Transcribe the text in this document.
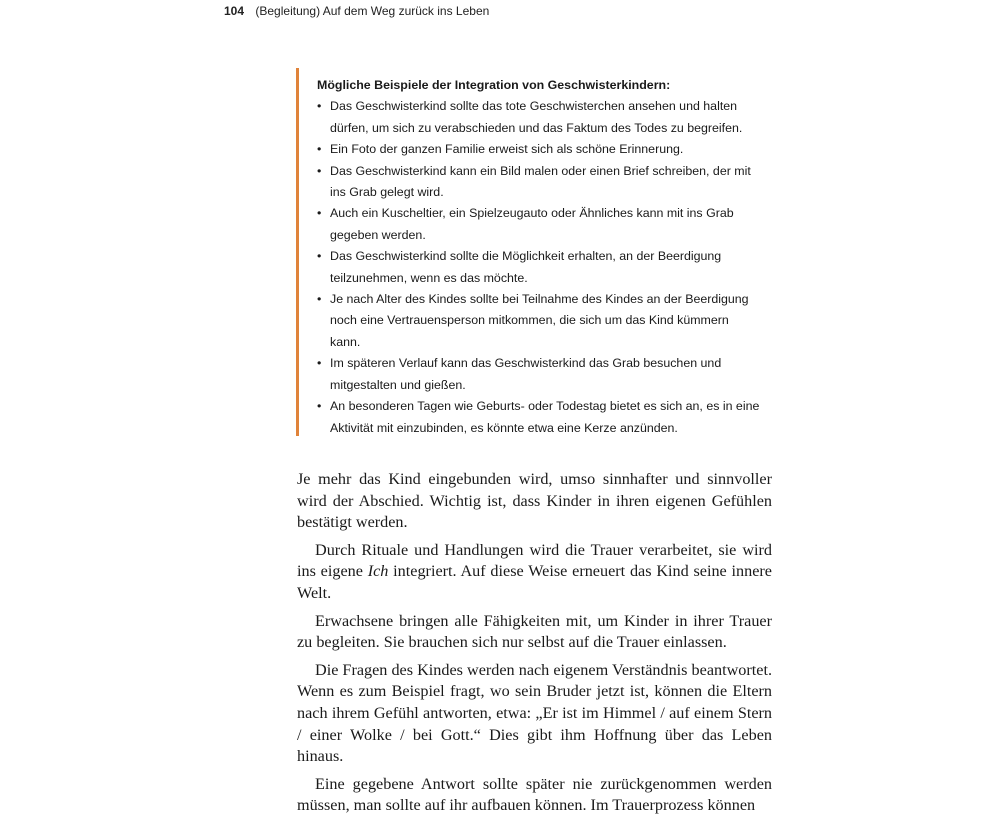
104 (Begleitung) Auf dem Weg zurück ins Leben

Mögliche Beispiele der Integration von Geschwisterkindern:

• Das Geschwisterkind sollte das tote Geschwisterchen ansehen und halten dürfen, um sich zu verabschieden und das Faktum des Todes zu begreifen.
• Ein Foto der ganzen Familie erweist sich als schöne Erinnerung.
• Das Geschwisterkind kann ein Bild malen oder einen Brief schreiben, der mit ins Grab gelegt wird.
• Auch ein Kuscheltier, ein Spielzeugauto oder Ähnliches kann mit ins Grab gegeben werden.
• Das Geschwisterkind sollte die Möglichkeit erhalten, an der Beerdigung teilzunehmen, wenn es das möchte.
• Je nach Alter des Kindes sollte bei Teilnahme des Kindes an der Beerdigung noch eine Vertrauensperson mitkommen, die sich um das Kind kümmern kann.
• Im späteren Verlauf kann das Geschwisterkind das Grab besuchen und mitgestalten und gießen.
• An besonderen Tagen wie Geburts- oder Todestag bietet es sich an, es in eine Aktivität mit einzubinden, es könnte etwa eine Kerze anzünden.

Je mehr das Kind eingebunden wird, umso sinnhafter und sinnvoller wird der Abschied. Wichtig ist, dass Kinder in ihren eigenen Gefühlen bestätigt werden.

Durch Rituale und Handlungen wird die Trauer verarbeitet, sie wird ins eigene Ich integriert. Auf diese Weise erneuert das Kind seine innere Welt.

Erwachsene bringen alle Fähigkeiten mit, um Kinder in ihrer Trauer zu begleiten. Sie brauchen sich nur selbst auf die Trauer einlassen.

Die Fragen des Kindes werden nach eigenem Verständnis beantwortet. Wenn es zum Beispiel fragt, wo sein Bruder jetzt ist, können die Eltern nach ihrem Gefühl antworten, etwa: „Er ist im Himmel / auf einem Stern / einer Wolke / bei Gott.“ Dies gibt ihm Hoffnung über das Leben hinaus.

Eine gegebene Antwort sollte später nie zurückgenommen werden müssen, man sollte auf ihr aufbauen können. Im Trauerprozess können
